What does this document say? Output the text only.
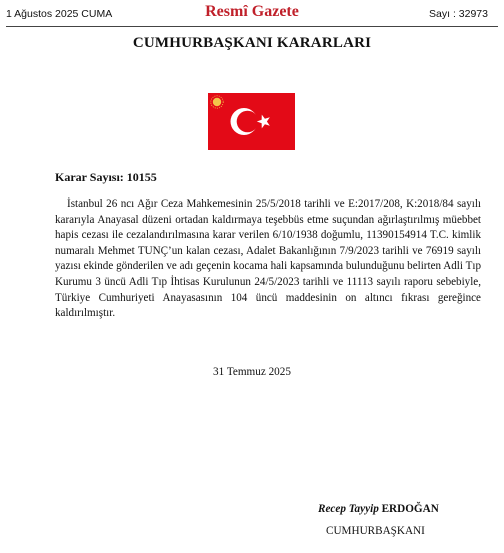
1 Ağustos 2025 CUMA	Resmî Gazete	Sayı : 32973
CUMHURBAŞKANI KARARLARI
Karar Sayısı: 10155
İstanbul 26 ncı Ağır Ceza Mahkemesinin 25/5/2018 tarihli ve E:2017/208, K:2018/84 sayılı kararıyla Anayasal düzeni ortadan kaldırmaya teşebbüs etme suçundan ağırlaştırılmış müebbet hapis cezası ile cezalandırılmasına karar verilen 6/10/1938 doğumlu, 11390154914 T.C. kimlik numaralı Mehmet TUNÇ’un kalan cezası, Adalet Bakanlığının 7/9/2023 tarihli ve 76919 sayılı yazısı ekinde gönderilen ve adı geçenin kocama hali kapsamında bulunduğunu belirten Adli Tıp Kurumu 3 üncü Adli Tıp İhtisas Kurulunun 24/5/2023 tarihli ve 11113 sayılı raporu sebebiyle, Türkiye Cumhuriyeti Anayasasının 104 üncü maddesinin on altıncı fıkrası gereğince kaldırılmıştır.
31 Temmuz 2025
Recep Tayyip ERDOĞAN
CUMHURBAŞKANI
